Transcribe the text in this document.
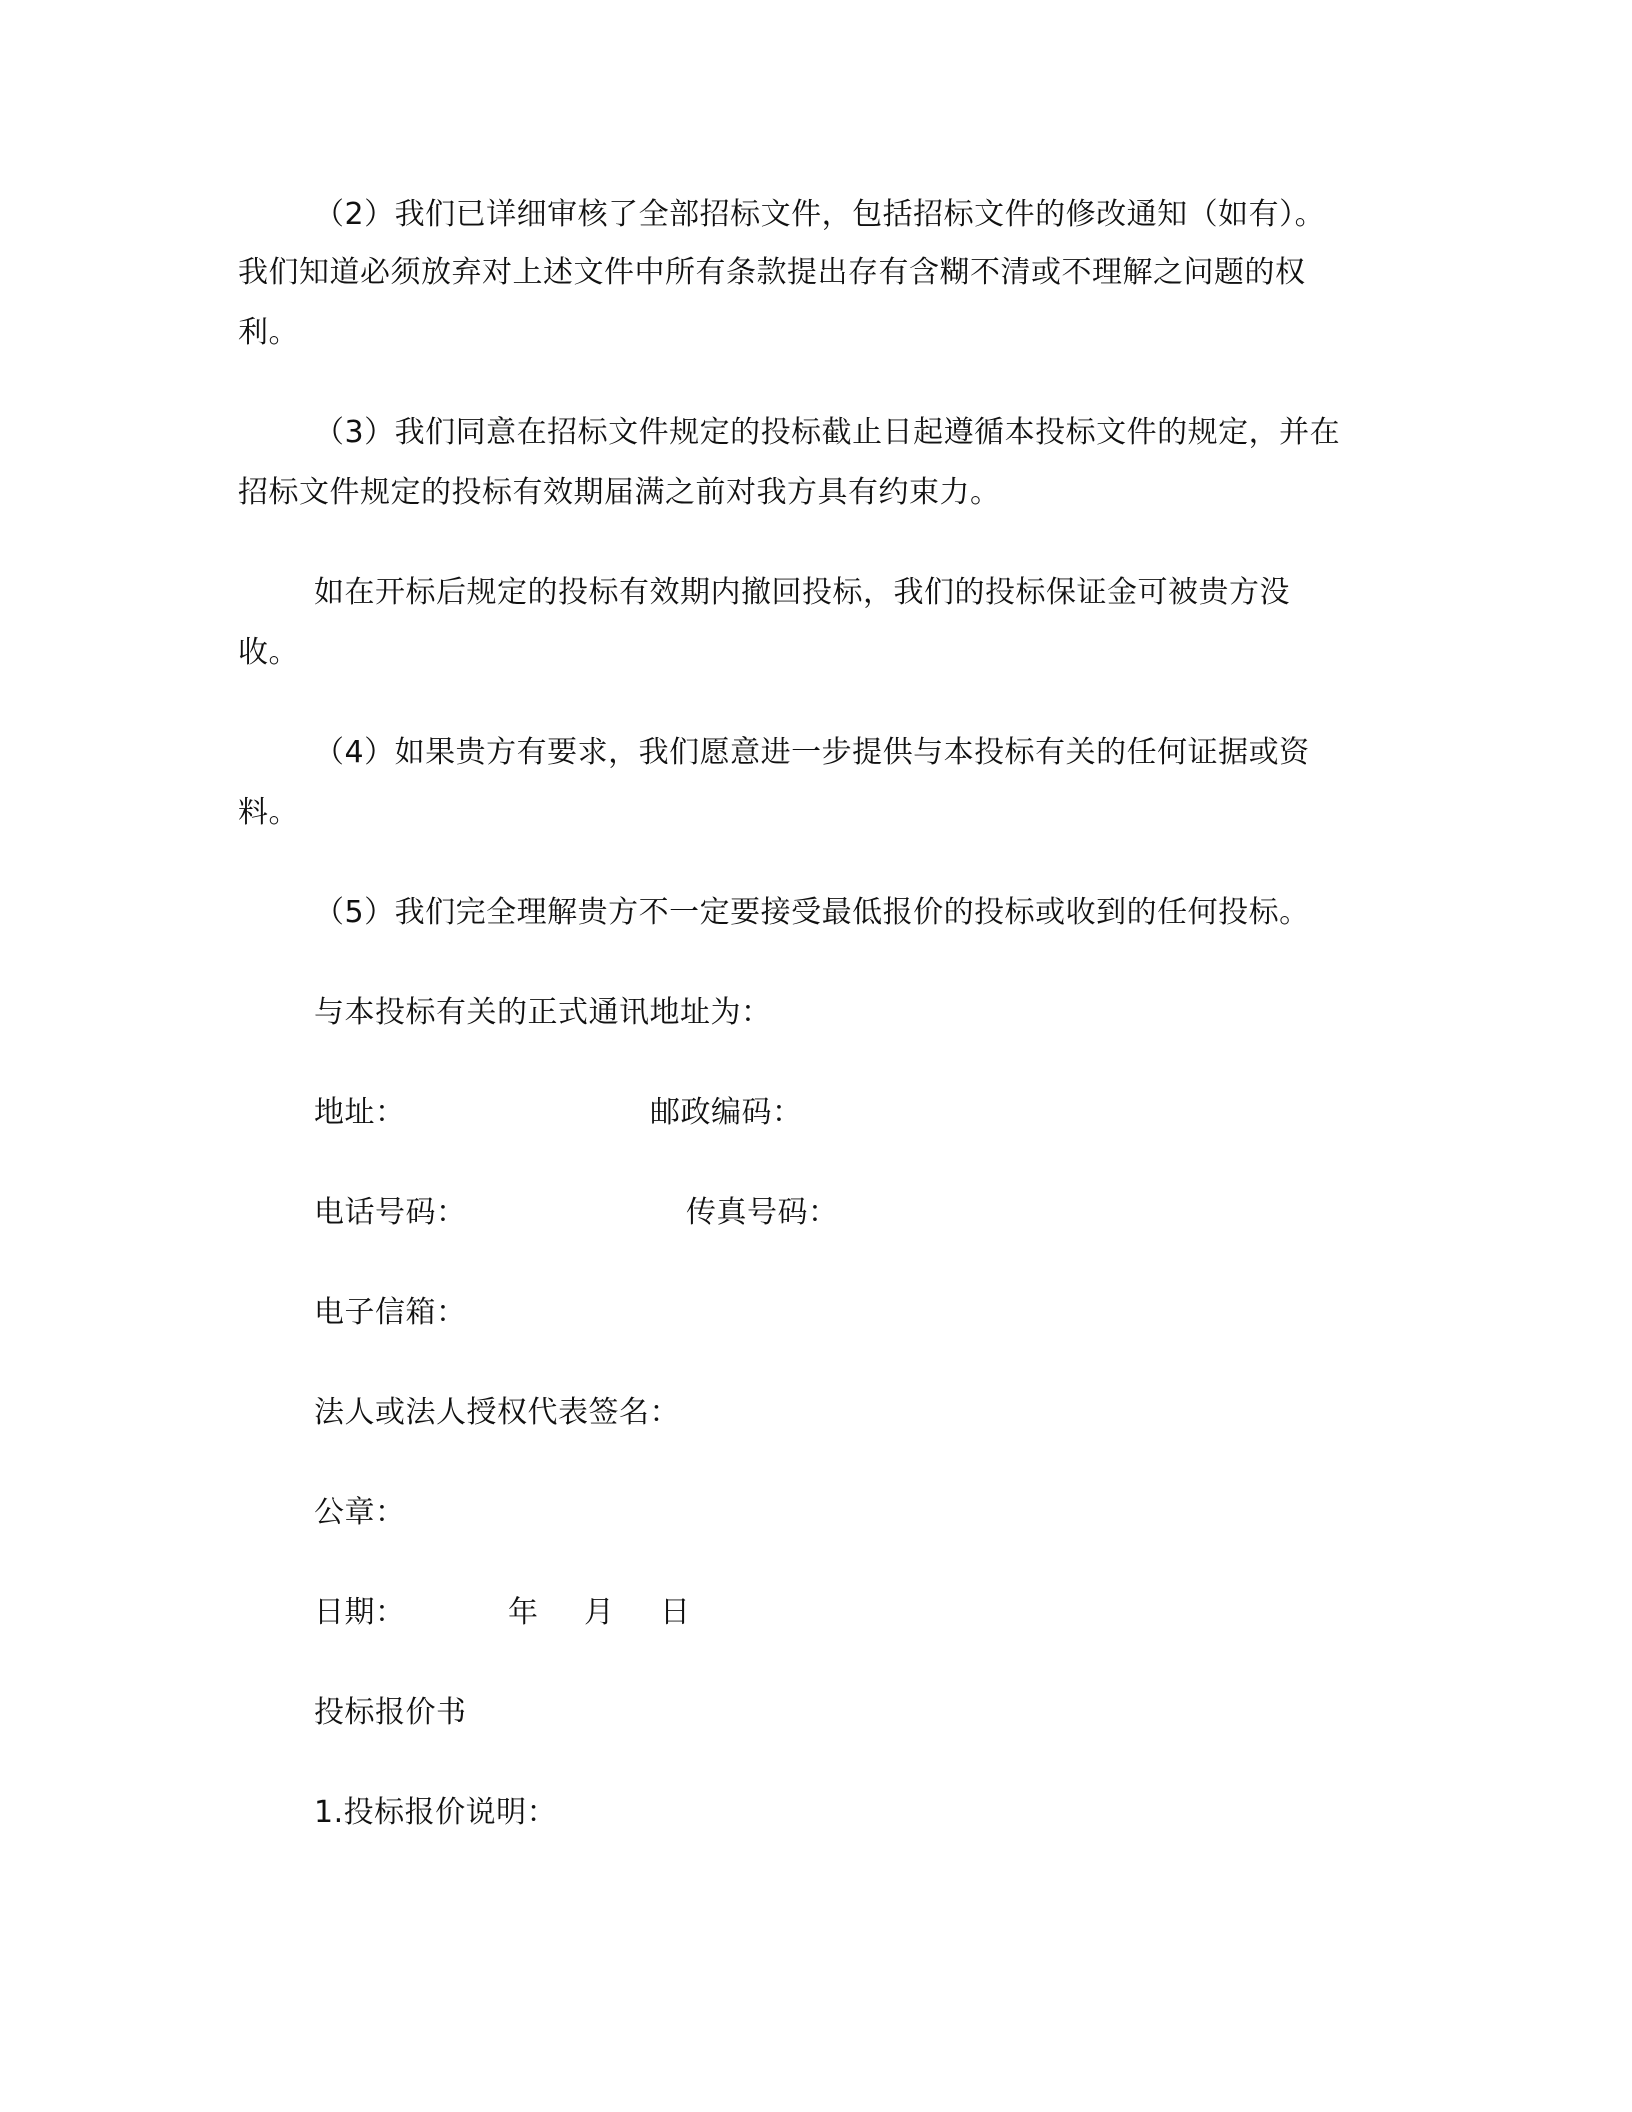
（2）我们已详细审核了全部招标文件，包括招标文件的修改通知（如有）。
我们知道必须放弃对上述文件中所有条款提出存有含糊不清或不理解之问题的权
利。
（3）我们同意在招标文件规定的投标截止日起遵循本投标文件的规定，并在
招标文件规定的投标有效期届满之前对我方具有约束力。
如在开标后规定的投标有效期内撤回投标，我们的投标保证金可被贵方没
收。
（4）如果贵方有要求，我们愿意进一步提供与本投标有关的任何证据或资
料。
（5）我们完全理解贵方不一定要接受最低报价的投标或收到的任何投标。
与本投标有关的正式通讯地址为：
地址：	邮政编码：
电话号码：	传真号码：
电子信箱：
法人或法人授权代表签名：
公章：
日期：	年 月 日
投标报价书
1.投标报价说明：
